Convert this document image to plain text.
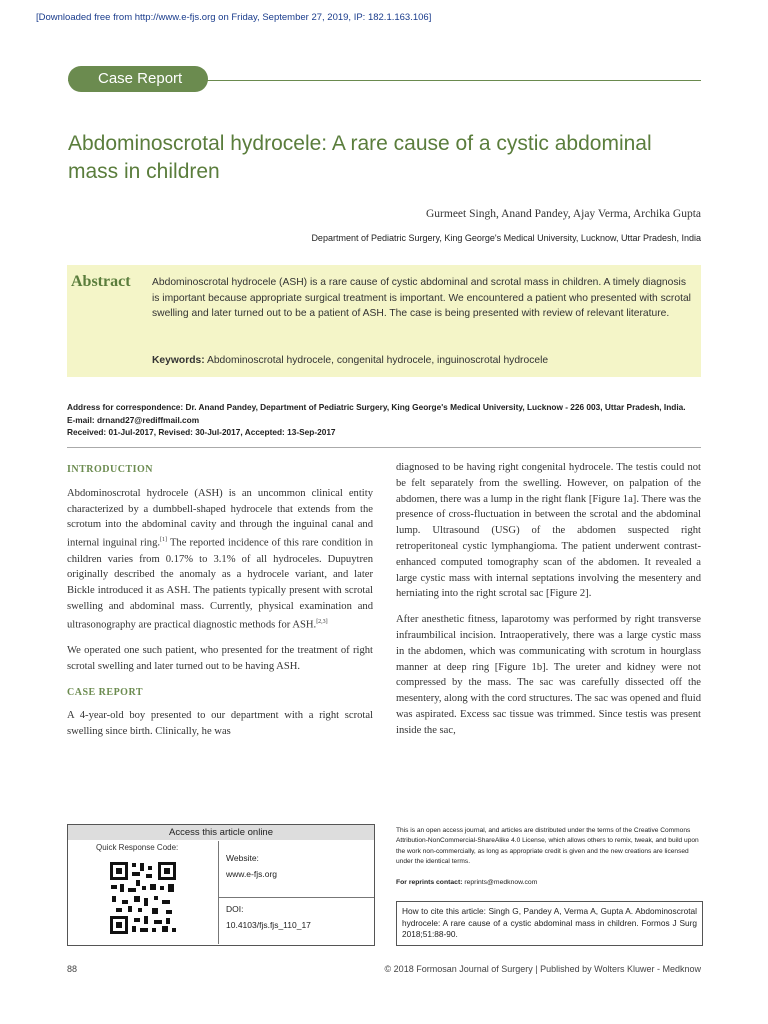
[Downloaded free from http://www.e-fjs.org on Friday, September 27, 2019, IP: 182.1.163.106]
Case Report
Abdominoscrotal hydrocele: A rare cause of a cystic abdominal mass in children
Gurmeet Singh, Anand Pandey, Ajay Verma, Archika Gupta
Department of Pediatric Surgery, King George's Medical University, Lucknow, Uttar Pradesh, India
Abstract Abdominoscrotal hydrocele (ASH) is a rare cause of cystic abdominal and scrotal mass in children. A timely diagnosis is important because appropriate surgical treatment is important. We encountered a patient who presented with scrotal swelling and later turned out to be a patient of ASH. The case is being presented with review of relevant literature.
Keywords: Abdominoscrotal hydrocele, congenital hydrocele, inguinoscrotal hydrocele
Address for correspondence: Dr. Anand Pandey, Department of Pediatric Surgery, King George's Medical University, Lucknow - 226 003, Uttar Pradesh, India.
E-mail: drnand27@rediffmail.com
Received: 01-Jul-2017, Revised: 30-Jul-2017, Accepted: 13-Sep-2017

INTRODUCTION

Abdominoscrotal hydrocele (ASH) is an uncommon clinical entity characterized by a dumbbell-shaped hydrocele that extends from the scrotum into the abdominal cavity and through the inguinal canal and internal inguinal ring.[1] The reported incidence of this rare condition in children varies from 0.17% to 3.1% of all hydroceles. Dupuytren originally described the anomaly as a hydrocele variant, and later Bickle introduced it as ASH. The patients typically present with scrotal swelling and abdominal mass. Currently, physical examination and ultrasonography are practical diagnostic methods for ASH.[2,3]

We operated one such patient, who presented for the treatment of right scrotal swelling and later turned out to be having ASH.

CASE REPORT

A 4-year-old boy presented to our department with a right scrotal swelling since birth. Clinically, he was

diagnosed to be having right congenital hydrocele. The testis could not be felt separately from the swelling. However, on palpation of the abdomen, there was a lump in the right flank [Figure 1a]. There was the presence of cross-fluctuation in between the scrotal and the abdominal lump. Ultrasound (USG) of the abdomen suspected right retroperitoneal cystic lymphangioma. The patient underwent contrast-enhanced computed tomography scan of the abdomen. It revealed a large cystic mass with internal septations involving the mesentery and herniating into the right scrotal sac [Figure 2].

After anesthetic fitness, laparotomy was performed by right transverse infraumbilical incision. Intraoperatively, there was a large cystic mass in the abdomen, which was communicating with scrotum in hourglass manner at deep ring [Figure 1b]. The ureter and kidney were not compressed by the mass. The sac was carefully dissected off the mesentery, along with the cord structures. The sac was opened and fluid was aspirated. Excess sac tissue was trimmed. Since testis was present inside the sac,

Access this article online
Quick Response Code:
Website:
www.e-fjs.org
DOI:
10.4103/fjs.fjs_110_17
This is an open access journal, and articles are distributed under the terms of the Creative Commons Attribution-NonCommercial-ShareAlike 4.0 License, which allows others to remix, tweak, and build upon the work non-commercially, as long as appropriate credit is given and the new creations are licensed under the identical terms.
For reprints contact: reprints@medknow.com
How to cite this article: Singh G, Pandey A, Verma A, Gupta A. Abdominoscrotal hydrocele: A rare cause of a cystic abdominal mass in children. Formos J Surg 2018;51:88-90.
88	© 2018 Formosan Journal of Surgery | Published by Wolters Kluwer - Medknow
